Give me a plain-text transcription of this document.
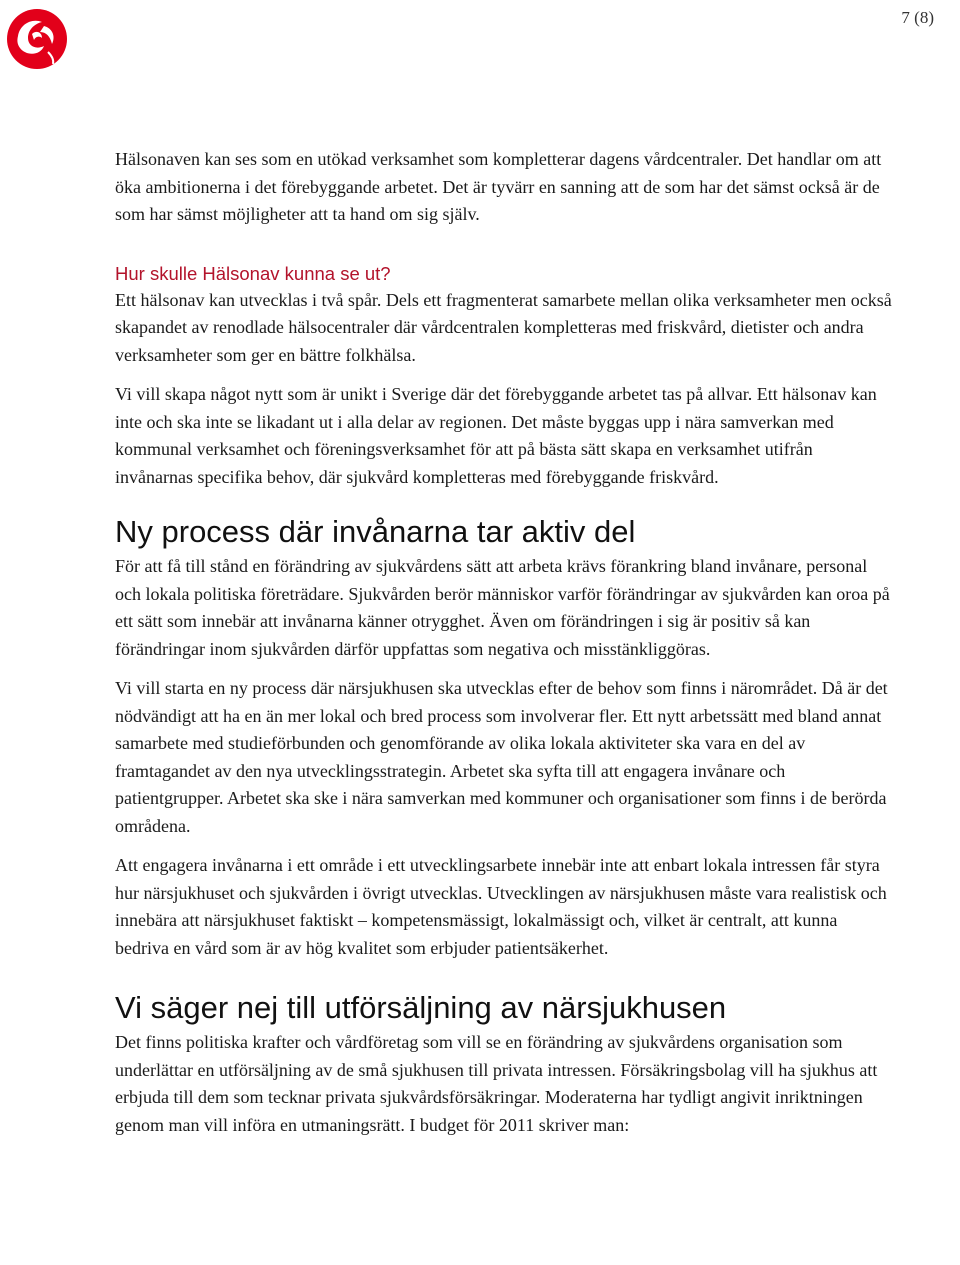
7 (8)

Hälsonaven kan ses som en utökad verksamhet som kompletterar dagens vårdcentraler. Det handlar om att öka ambitionerna i det förebyggande arbetet. Det är tyvärr en sanning att de som har det sämst också är de som har sämst möjligheter att ta hand om sig själv.

Hur skulle Hälsonav kunna se ut?

Ett hälsonav kan utvecklas i två spår. Dels ett fragmenterat samarbete mellan olika verksamheter men också skapandet av renodlade hälsocentraler där vårdcentralen kompletteras med friskvård, dietister och andra verksamheter som ger en bättre folkhälsa.

Vi vill skapa något nytt som är unikt i Sverige där det förebyggande arbetet tas på allvar. Ett hälsonav kan inte och ska inte se likadant ut i alla delar av regionen. Det måste byggas upp i nära samverkan med kommunal verksamhet och föreningsverksamhet för att på bästa sätt skapa en verksamhet utifrån invånarnas specifika behov, där sjukvård kompletteras med förebyggande friskvård.

Ny process där invånarna tar aktiv del

För att få till stånd en förändring av sjukvårdens sätt att arbeta krävs förankring bland invånare, personal och lokala politiska företrädare. Sjukvården berör människor varför förändringar av sjukvården kan oroa på ett sätt som innebär att invånarna känner otrygghet. Även om förändringen i sig är positiv så kan förändringar inom sjukvården därför uppfattas som negativa och misstänkliggöras.

Vi vill starta en ny process där närsjukhusen ska utvecklas efter de behov som finns i närområdet. Då är det nödvändigt att ha en än mer lokal och bred process som involverar fler. Ett nytt arbetssätt med bland annat samarbete med studieförbunden och genomförande av olika lokala aktiviteter ska vara en del av framtagandet av den nya utvecklingsstrategin. Arbetet ska syfta till att engagera invånare och patientgrupper. Arbetet ska ske i nära samverkan med kommuner och organisationer som finns i de berörda områdena.

Att engagera invånarna i ett område i ett utvecklingsarbete innebär inte att enbart lokala intressen får styra hur närsjukhuset och sjukvården i övrigt utvecklas. Utvecklingen av närsjukhusen måste vara realistisk och innebära att närsjukhuset faktiskt – kompetensmässigt, lokalmässigt och, vilket är centralt, att kunna bedriva en vård som är av hög kvalitet som erbjuder patientsäkerhet.

Vi säger nej till utförsäljning av närsjukhusen

Det finns politiska krafter och vårdföretag som vill se en förändring av sjukvårdens organisation som underlättar en utförsäljning av de små sjukhusen till privata intressen. Försäkringsbolag vill ha sjukhus att erbjuda till dem som tecknar privata sjukvårdsförsäkringar. Moderaterna har tydligt angivit inriktningen genom man vill införa en utmaningsrätt. I budget för 2011 skriver man:
